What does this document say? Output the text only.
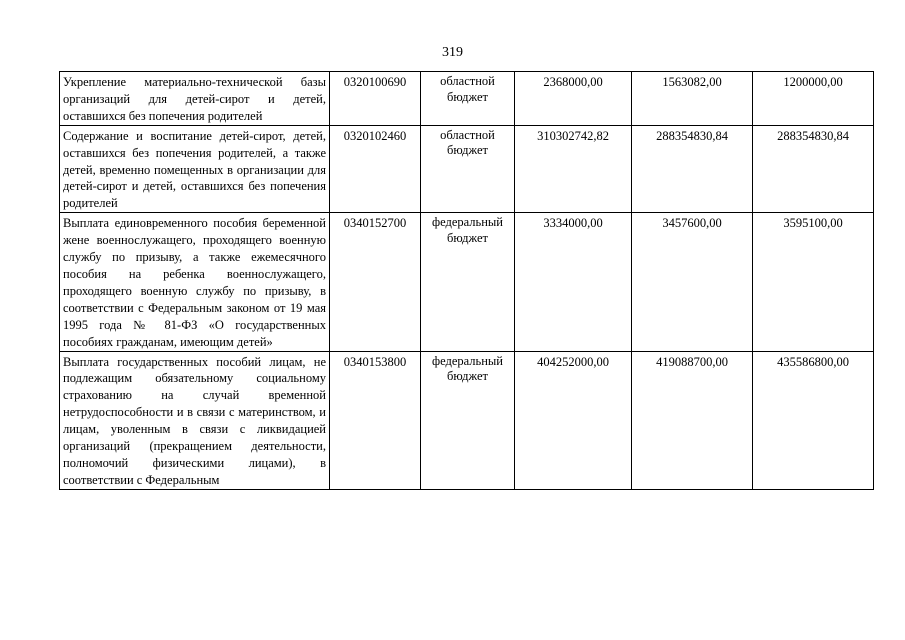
319
Укрепление материально-технической базы организаций для детей-сирот и детей, оставшихся без попечения родителей	0320100690	областной бюджет	2368000,00	1563082,00	1200000,00
Содержание и воспитание детей-сирот, детей, оставшихся без попечения родителей, а также детей, временно помещенных в организации для детей-сирот и детей, оставшихся без попечения родителей	0320102460	областной бюджет	310302742,82	288354830,84	288354830,84
Выплата единовременного пособия беременной жене военнослужащего, проходящего военную службу по призыву, а также ежемесячного пособия на ребенка военнослужащего, проходящего военную службу по призыву, в соответствии с Федеральным законом от 19 мая 1995 года № 81-ФЗ «О государственных пособиях гражданам, имеющим детей»	0340152700	федеральный бюджет	3334000,00	3457600,00	3595100,00
Выплата государственных пособий лицам, не подлежащим обязательному социальному страхованию на случай временной нетрудоспособности и в связи с материнством, и лицам, уволенным в связи с ликвидацией организаций (прекращением деятельности, полномочий физическими лицами), в соответствии с Федеральным	0340153800	федеральный бюджет	404252000,00	419088700,00	435586800,00
